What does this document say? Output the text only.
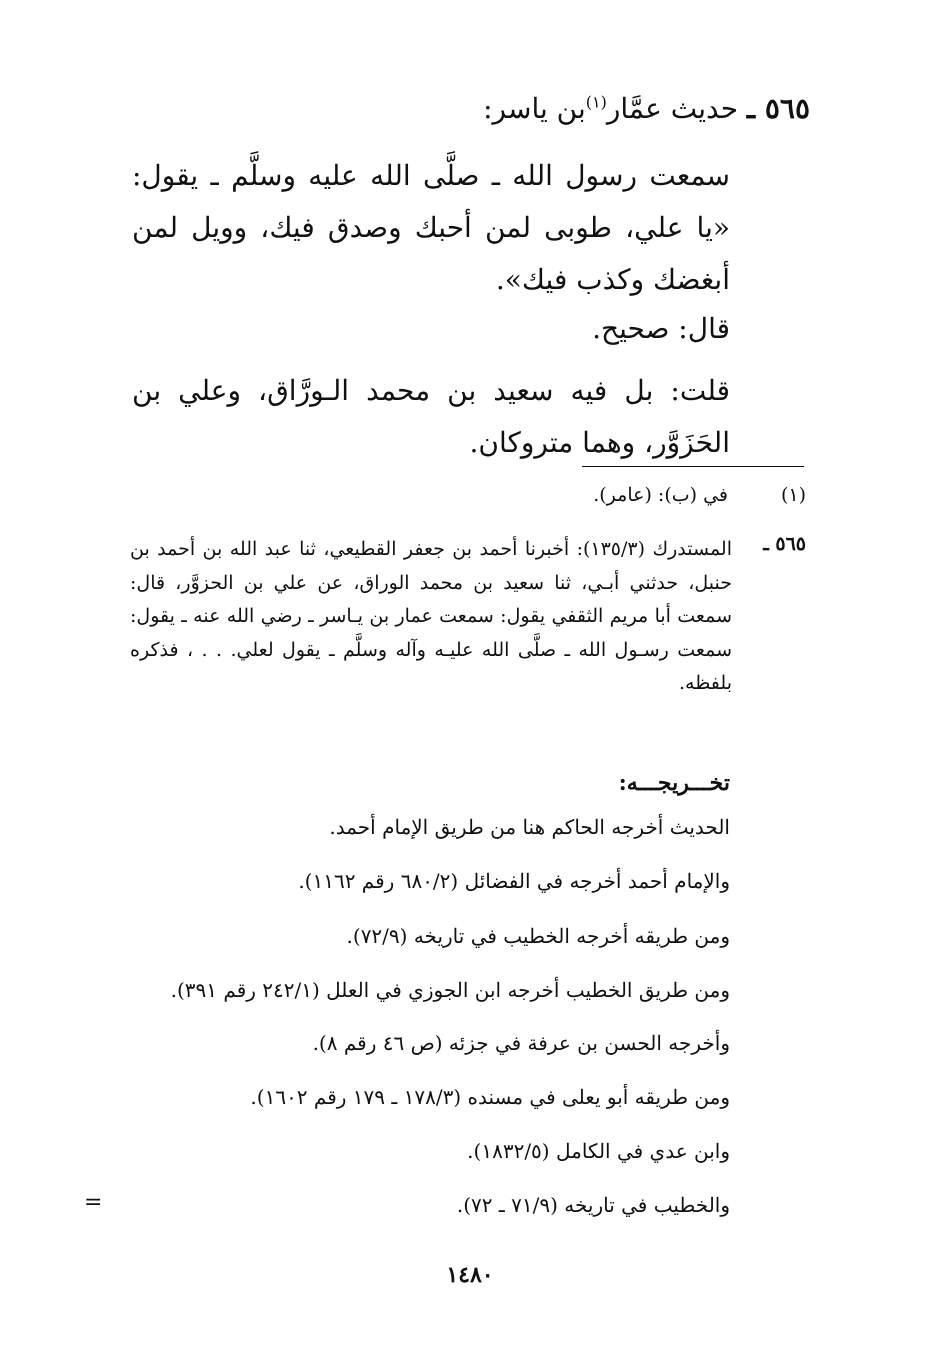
٥٦٥ ـ حديث عمَّار$^{(١)}$بن ياسر:
سمعت رسول الله ـ صلَّى الله عليه وسلَّم ـ يقول: «يا علي، طوبى لمن أحبك وصدق فيك، وويل لمن أبغضك وكذب فيك».
قال: صحيح.
قلت: بل فيه سعيد بن محمد الـورَّاق، وعلي بن الحَزَوَّر، وهما متروكان.
(١)
في (ب): (عامر).
٥٦٥ ـ
المستدرك (١٣٥/٣): أخبرنا أحمد بن جعفر القطيعي، ثنا عبد الله بن أحمد بن حنبل، حدثني أبـي، ثنا سعيد بن محمد الوراق، عن علي بن الحزوَّر، قال: سمعت أبا مريم الثقفي يقول: سمعت عمار بن يـاسر ـ رضي الله عنه ـ يقول: سمعت رسـول الله ـ صلَّى الله عليـه وآله وسلَّم ـ يقول لعلي. . . ، فذكره بلفظه.
تخـــريجـــه:
الحديث أخرجه الحاكم هنا من طريق الإمام أحمد.
والإمام أحمد أخرجه في الفضائل (٦٨٠/٢ رقم ١١٦٢).
ومن طريقه أخرجه الخطيب في تاريخه (٧٢/٩).
ومن طريق الخطيب أخرجه ابن الجوزي في العلل (٢٤٢/١ رقم ٣٩١).
وأخرجه الحسن بن عرفة في جزئه (ص ٤٦ رقم ٨).
ومن طريقه أبو يعلى في مسنده (١٧٨/٣ ـ ١٧٩ رقم ١٦٠٢).
وابن عدي في الكامل (١٨٣٢/٥).
والخطيب في تاريخه (٧١/٩ ـ ٧٢).
=
١٤٨٠
